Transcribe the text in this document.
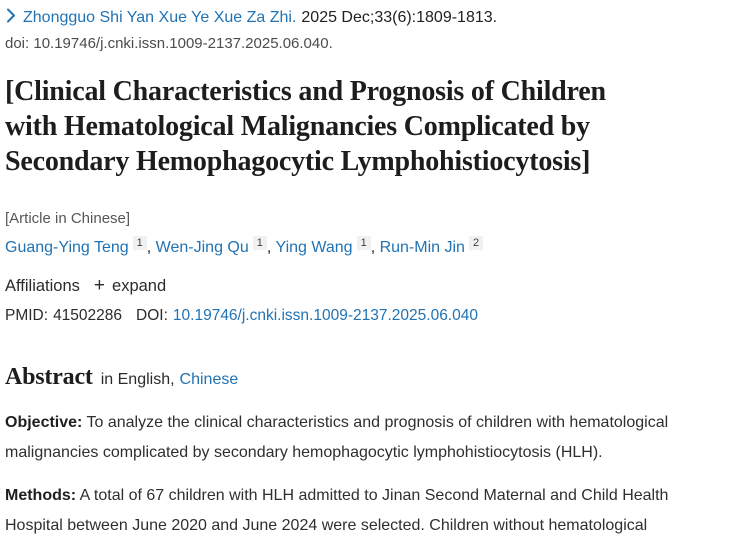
Zhongguo Shi Yan Xue Ye Xue Za Zhi. 2025 Dec;33(6):1809-1813.
doi: 10.19746/j.cnki.issn.1009-2137.2025.06.040.
[Clinical Characteristics and Prognosis of Children
with Hematological Malignancies Complicated by
Secondary Hemophagocytic Lymphohistiocytosis]
[Article in Chinese]
Guang-Ying Teng 1 , Wen-Jing Qu 1 , Ying Wang 1 , Run-Min Jin 2
Affiliations + expand
PMID: 41502286 DOI: 10.19746/j.cnki.issn.1009-2137.2025.06.040
Abstract in English, Chinese

Objective: To analyze the clinical characteristics and prognosis of children with hematological malignancies complicated by secondary hemophagocytic lymphohistiocytosis (HLH).

Methods: A total of 67 children with HLH admitted to Jinan Second Maternal and Child Health Hospital between June 2020 and June 2024 were selected. Children without hematological
